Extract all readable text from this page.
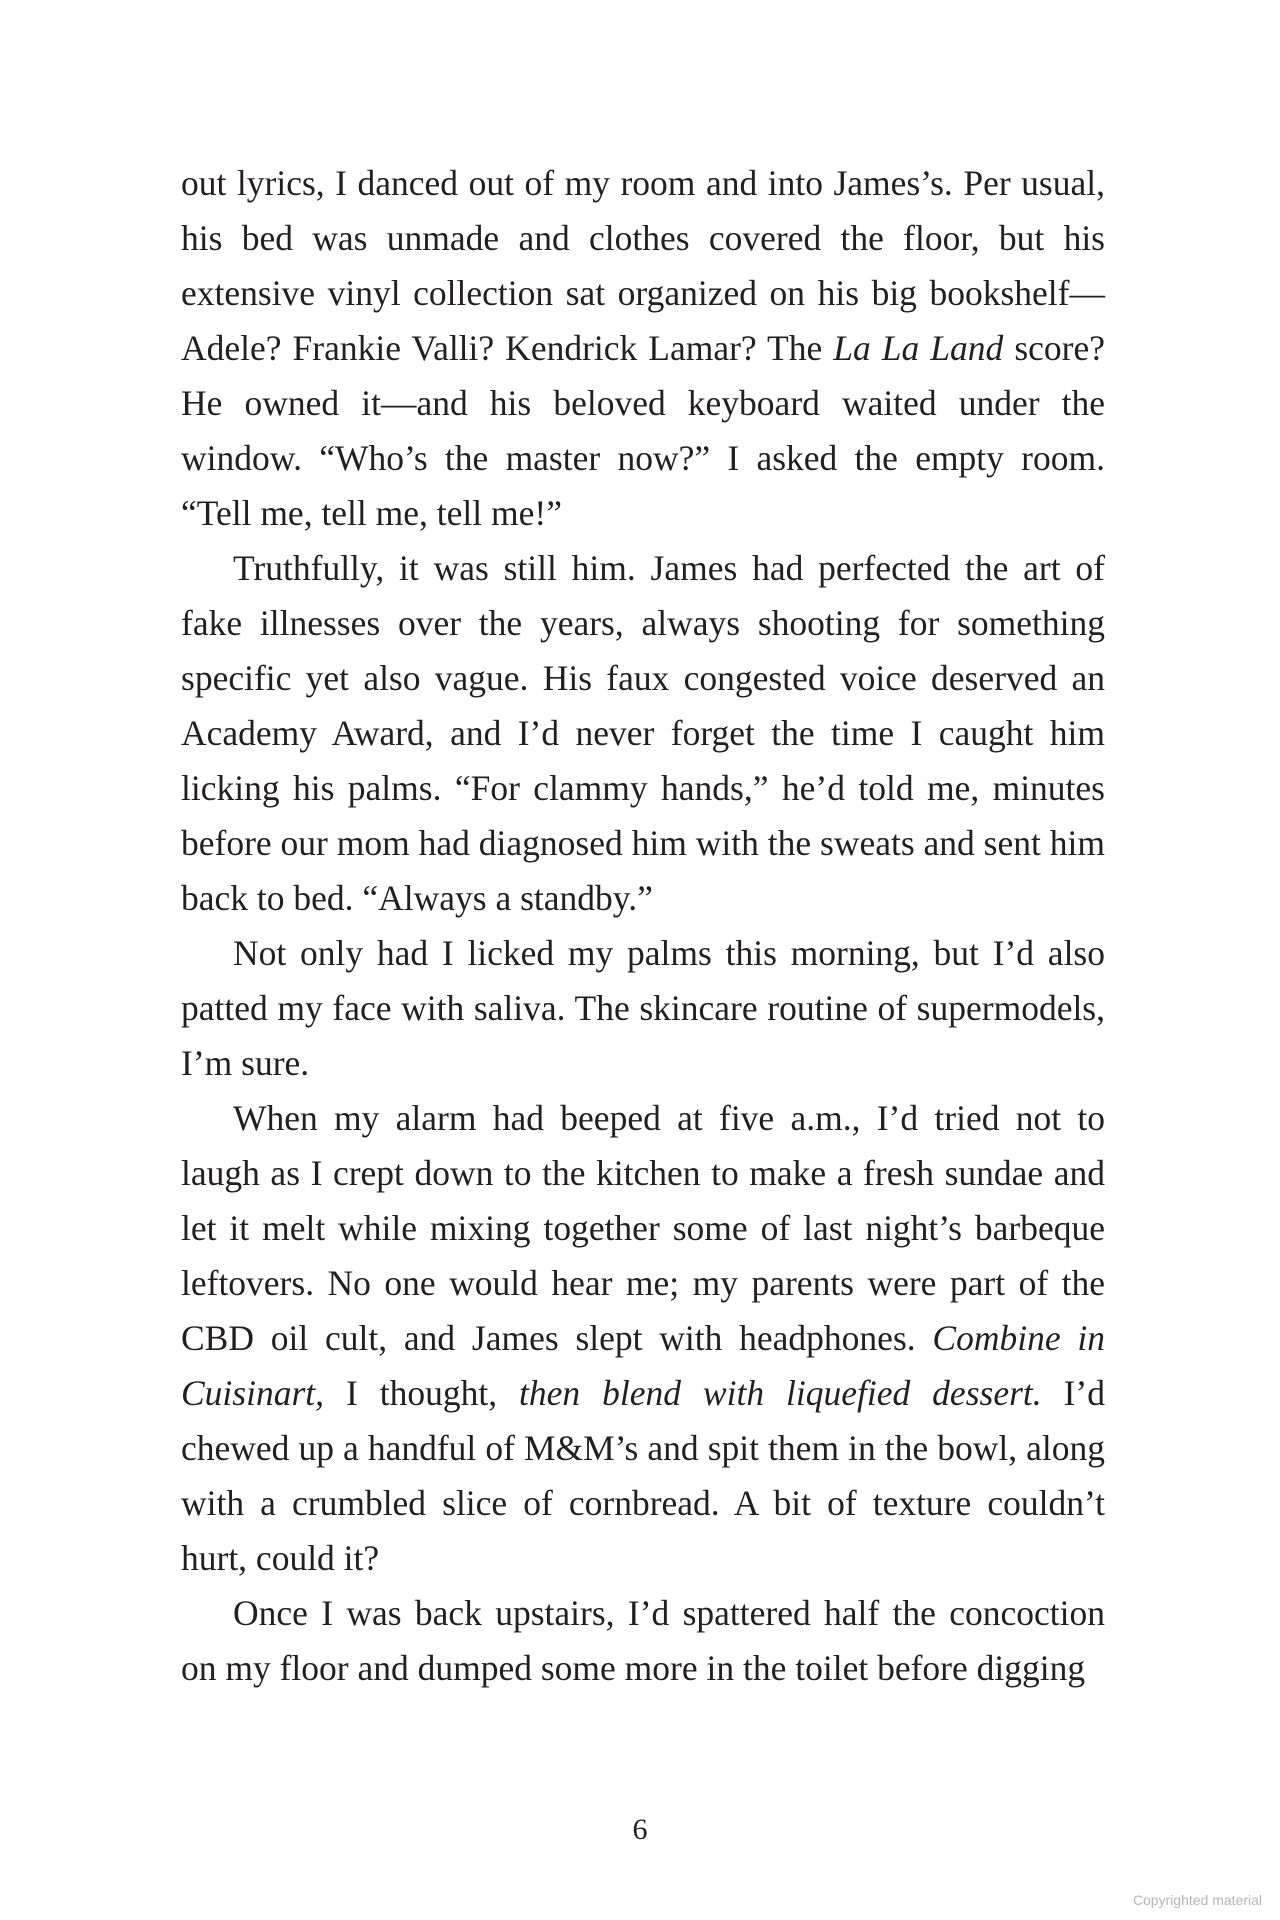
out lyrics, I danced out of my room and into James’s. Per usual, his bed was unmade and clothes covered the floor, but his extensive vinyl collection sat organized on his big bookshelf—Adele? Frankie Valli? Kendrick Lamar? The La La Land score? He owned it—and his beloved keyboard waited under the window. “Who’s the master now?” I asked the empty room. “Tell me, tell me, tell me!”

Truthfully, it was still him. James had perfected the art of fake illnesses over the years, always shooting for something specific yet also vague. His faux congested voice deserved an Academy Award, and I’d never forget the time I caught him licking his palms. “For clammy hands,” he’d told me, minutes before our mom had diagnosed him with the sweats and sent him back to bed. “Always a standby.”

Not only had I licked my palms this morning, but I’d also patted my face with saliva. The skincare routine of supermodels, I’m sure.

When my alarm had beeped at five a.m., I’d tried not to laugh as I crept down to the kitchen to make a fresh sundae and let it melt while mixing together some of last night’s barbeque leftovers. No one would hear me; my parents were part of the CBD oil cult, and James slept with headphones. Combine in Cuisinart, I thought, then blend with liquefied dessert. I’d chewed up a handful of M&M’s and spit them in the bowl, along with a crumbled slice of cornbread. A bit of texture couldn’t hurt, could it?

Once I was back upstairs, I’d spattered half the concoction on my floor and dumped some more in the toilet before digging

6
Copyrighted material
